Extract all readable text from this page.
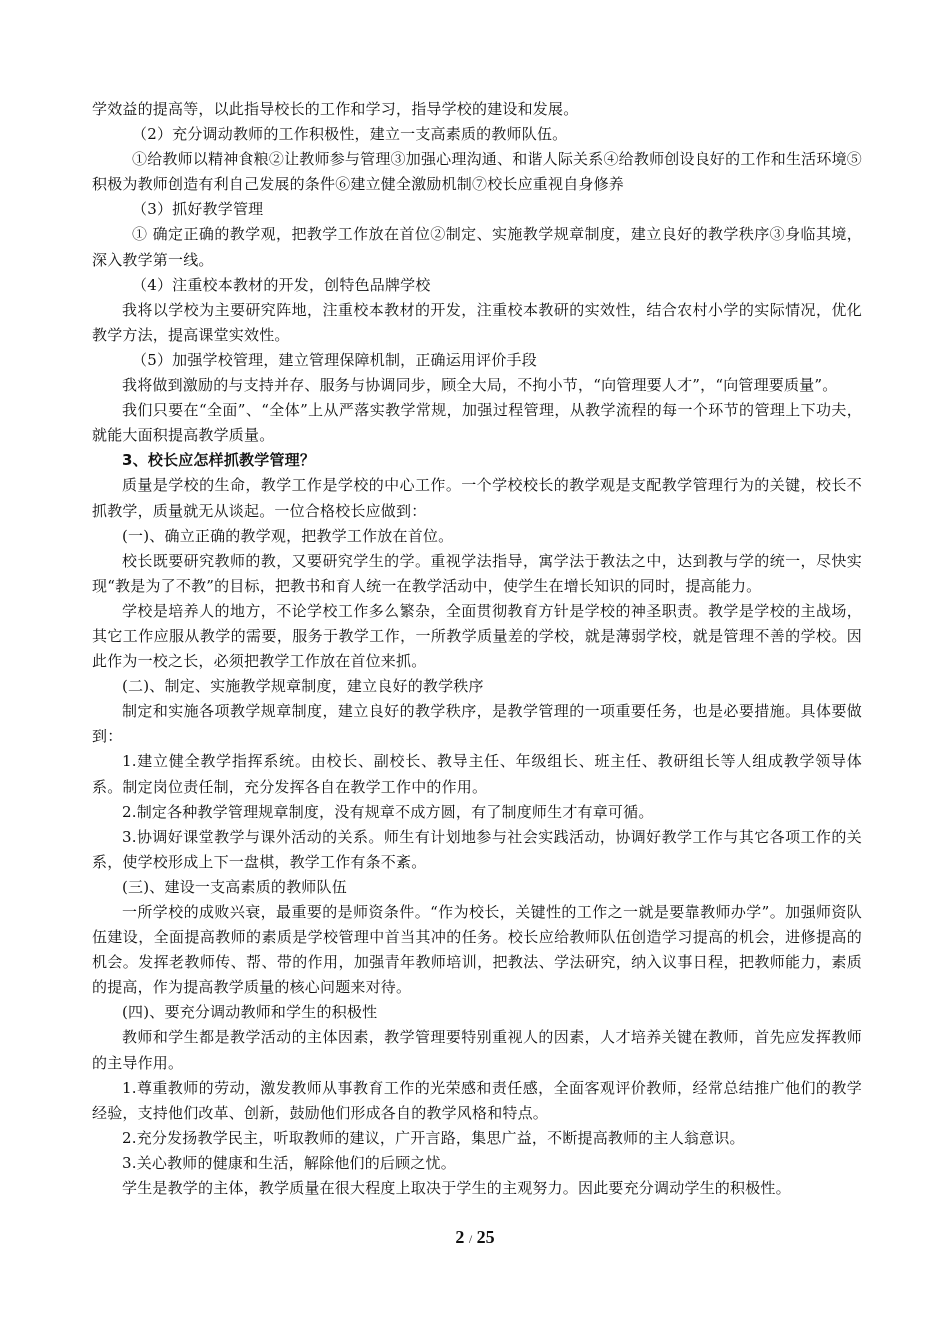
学效益的提高等，以此指导校长的工作和学习，指导学校的建设和发展。

（2）充分调动教师的工作积极性，建立一支高素质的教师队伍。

①给教师以精神食粮②让教师参与管理③加强心理沟通、和谐人际关系④给教师创设良好的工作和生活环境⑤积极为教师创造有利自己发展的条件⑥建立健全激励机制⑦校长应重视自身修养

（3）抓好教学管理

① 确定正确的教学观，把教学工作放在首位②制定、实施教学规章制度，建立良好的教学秩序③身临其境，深入教学第一线。

（4）注重校本教材的开发，创特色品牌学校

我将以学校为主要研究阵地，注重校本教材的开发，注重校本教研的实效性，结合农村小学的实际情况，优化教学方法，提高课堂实效性。

（5）加强学校管理，建立管理保障机制，正确运用评价手段

我将做到激励的与支持并存、服务与协调同步，顾全大局，不拘小节，“向管理要人才”，“向管理要质量”。

我们只要在“全面”、“全体”上从严落实教学常规，加强过程管理，从教学流程的每一个环节的管理上下功夫，就能大面积提高教学质量。

3、校长应怎样抓教学管理？

质量是学校的生命，教学工作是学校的中心工作。一个学校校长的教学观是支配教学管理行为的关键，校长不抓教学，质量就无从谈起。一位合格校长应做到：

(一)、确立正确的教学观，把教学工作放在首位。

校长既要研究教师的教，又要研究学生的学。重视学法指导，寓学法于教法之中，达到教与学的统一，尽快实现“教是为了不教”的目标，把教书和育人统一在教学活动中，使学生在增长知识的同时，提高能力。

学校是培养人的地方，不论学校工作多么繁杂，全面贯彻教育方针是学校的神圣职责。教学是学校的主战场，其它工作应服从教学的需要，服务于教学工作，一所教学质量差的学校，就是薄弱学校，就是管理不善的学校。因此作为一校之长，必须把教学工作放在首位来抓。

(二)、制定、实施教学规章制度，建立良好的教学秩序

制定和实施各项教学规章制度，建立良好的教学秩序，是教学管理的一项重要任务，也是必要措施。具体要做到：

1.建立健全教学指挥系统。由校长、副校长、教导主任、年级组长、班主任、教研组长等人组成教学领导体系。制定岗位责任制，充分发挥各自在教学工作中的作用。

2.制定各种教学管理规章制度，没有规章不成方圆，有了制度师生才有章可循。

3.协调好课堂教学与课外活动的关系。师生有计划地参与社会实践活动，协调好教学工作与其它各项工作的关系，使学校形成上下一盘棋，教学工作有条不紊。

(三)、建设一支高素质的教师队伍

一所学校的成败兴衰，最重要的是师资条件。“作为校长，关键性的工作之一就是要靠教师办学”。加强师资队伍建设，全面提高教师的素质是学校管理中首当其冲的任务。校长应给教师队伍创造学习提高的机会，进修提高的机会。发挥老教师传、帮、带的作用，加强青年教师培训，把教法、学法研究，纳入议事日程，把教师能力，素质的提高，作为提高教学质量的核心问题来对待。

(四)、要充分调动教师和学生的积极性

教师和学生都是教学活动的主体因素，教学管理要特别重视人的因素，人才培养关键在教师，首先应发挥教师的主导作用。

1.尊重教师的劳动，激发教师从事教育工作的光荣感和责任感，全面客观评价教师，经常总结推广他们的教学经验，支持他们改革、创新，鼓励他们形成各自的教学风格和特点。

2.充分发扬教学民主，听取教师的建议，广开言路，集思广益，不断提高教师的主人翁意识。

3.关心教师的健康和生活，解除他们的后顾之忧。

学生是教学的主体，教学质量在很大程度上取决于学生的主观努力。因此要充分调动学生的积极性。

2 / 25
